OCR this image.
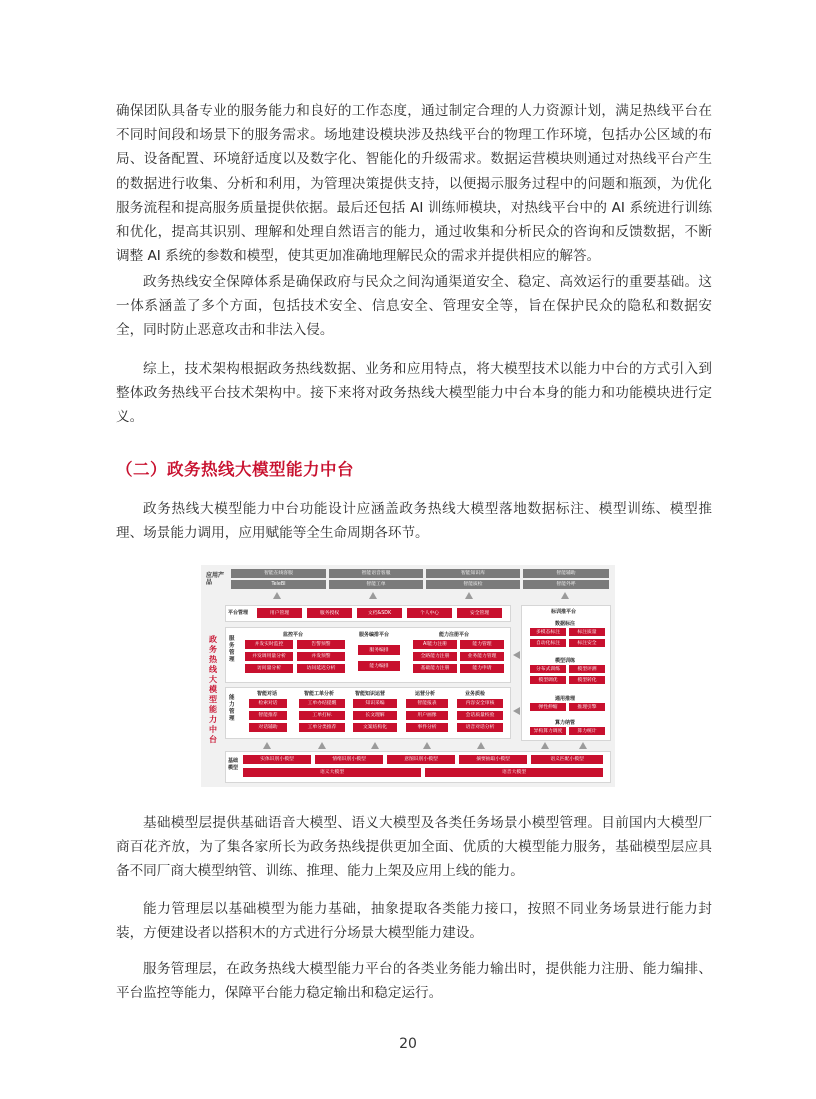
确保团队具备专业的服务能力和良好的工作态度，通过制定合理的人力资源计划，满足热线平台在不同时间段和场景下的服务需求。场地建设模块涉及热线平台的物理工作环境，包括办公区域的布局、设备配置、环境舒适度以及数字化、智能化的升级需求。数据运营模块则通过对热线平台产生的数据进行收集、分析和利用，为管理决策提供支持，以便揭示服务过程中的问题和瓶颈，为优化服务流程和提高服务质量提供依据。最后还包括 AI 训练师模块，对热线平台中的 AI 系统进行训练和优化，提高其识别、理解和处理自然语言的能力，通过收集和分析民众的咨询和反馈数据，不断调整 AI 系统的参数和模型，使其更加准确地理解民众的需求并提供相应的解答。
政务热线安全保障体系是确保政府与民众之间沟通渠道安全、稳定、高效运行的重要基础。这一体系涵盖了多个方面，包括技术安全、信息安全、管理安全等，旨在保护民众的隐私和数据安全，同时防止恶意攻击和非法入侵。
综上，技术架构根据政务热线数据、业务和应用特点，将大模型技术以能力中台的方式引入到整体政务热线平台技术架构中。接下来将对政务热线大模型能力中台本身的能力和功能模块进行定义。
（二）政务热线大模型能力中台
政务热线大模型能力中台功能设计应涵盖政务热线大模型落地数据标注、模型训练、模型推理、场景能力调用，应用赋能等全生命周期各环节。
应用产品
智能在线客服	智能语音客服	智能知识库	智能辅助
TeleBI	智能工单	智能质检	智能外呼
政
务
热
线
大
模
型
能
力
中
台
平台管理	用户管理	服务授权	文档&SDK	个人中心	安全管理
服务管理
监控平台
并发实时监控	告警预警
并发调用量分析	并发预警
访问量分析	访问延迟分析
服务编排平台
服务编排
能力编排
能力注册平台
AI能力注册	能力管理
全路能力注册	业务能力管理
基础能力注册	能力申请
能力管理
智能对话
检索对话
智能推荐
对话辅助
智能工单分析
工单办结提醒
工单打标
工单分类推荐
智能知识运营
知识采编
长文理解
文案结构化
运营分析
智能报表
用户画像
事件分析
业务质检
内容安全审核
会话质量校验
语音对话分析
基础模型
实体识别小模型	情绪识别小模型	意图识别小模型	摘要抽取小模型	语义匹配小模型
语义大模型	语音大模型
标训推平台
数据标注
多模态标注	标注质量
自动化标注	标注安全
模型训练
分布式训练	模型评测
模型调优	模型转化
通用推理
弹性伸缩	推理引擎
算力纳管
异构算力调度	算力统计
基础模型层提供基础语音大模型、语义大模型及各类任务场景小模型管理。目前国内大模型厂商百花齐放，为了集各家所长为政务热线提供更加全面、优质的大模型能力服务，基础模型层应具备不同厂商大模型纳管、训练、推理、能力上架及应用上线的能力。
能力管理层以基础模型为能力基础，抽象提取各类能力接口，按照不同业务场景进行能力封装，方便建设者以搭积木的方式进行分场景大模型能力建设。
服务管理层，在政务热线大模型能力平台的各类业务能力输出时，提供能力注册、能力编排、平台监控等能力，保障平台能力稳定输出和稳定运行。
20
